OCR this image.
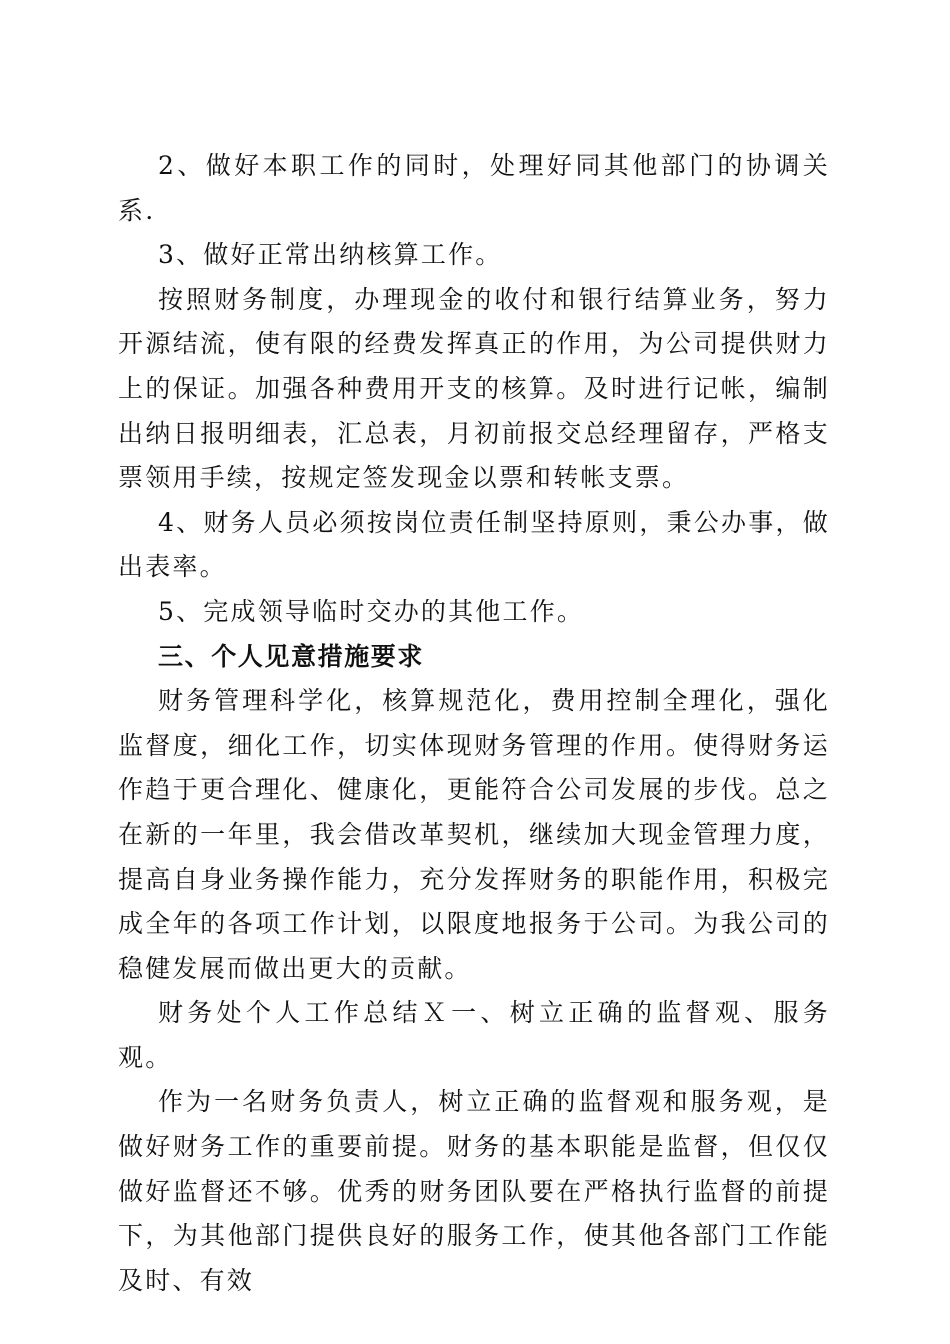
2、做好本职工作的同时，处理好同其他部门的协调关系.

3、做好正常出纳核算工作。

按照财务制度，办理现金的收付和银行结算业务，努力开源结流，使有限的经费发挥真正的作用，为公司提供财力上的保证。加强各种费用开支的核算。及时进行记帐，编制出纳日报明细表，汇总表，月初前报交总经理留存，严格支票领用手续，按规定签发现金以票和转帐支票。

4、财务人员必须按岗位责任制坚持原则，秉公办事，做出表率。

5、完成领导临时交办的其他工作。

三、个人见意措施要求

财务管理科学化，核算规范化，费用控制全理化，强化监督度，细化工作，切实体现财务管理的作用。使得财务运作趋于更合理化、健康化，更能符合公司发展的步伐。总之在新的一年里，我会借改革契机，继续加大现金管理力度，提高自身业务操作能力，充分发挥财务的职能作用，积极完成全年的各项工作计划，以限度地报务于公司。为我公司的稳健发展而做出更大的贡献。

财务处个人工作总结Ｘ一、树立正确的监督观、服务观。

作为一名财务负责人，树立正确的监督观和服务观，是做好财务工作的重要前提。财务的基本职能是监督，但仅仅做好监督还不够。优秀的财务团队要在严格执行监督的前提下，为其他部门提供良好的服务工作，使其他各部门工作能及时、有效
